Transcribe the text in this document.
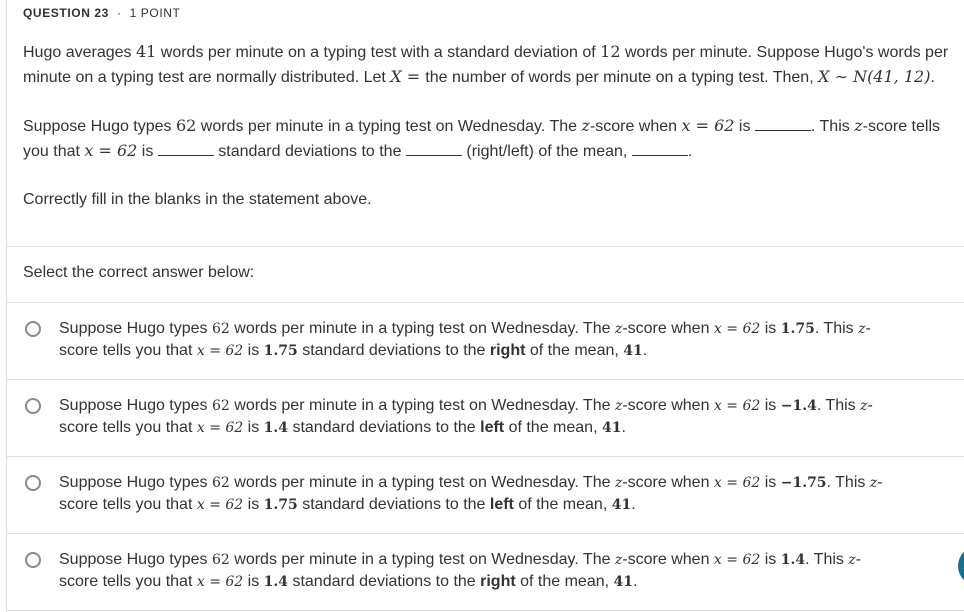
QUESTION 23 · 1 POINT

Hugo averages 41 words per minute on a typing test with a standard deviation of 12 words per minute. Suppose Hugo's words per minute on a typing test are normally distributed. Let X = the number of words per minute on a typing test. Then, X ∼ N(41, 12).

Suppose Hugo types 62 words per minute in a typing test on Wednesday. The z-score when x = 62 is	. This z-score tells you that x = 62 is	standard deviations to the	(right/left) of the mean,	.

Correctly fill in the blanks in the statement above.

Select the correct answer below:
Suppose Hugo types 62 words per minute in a typing test on Wednesday. The z-score when x = 62 is 1.75. This z-score tells you that x = 62 is 1.75 standard deviations to the right of the mean, 41.
Suppose Hugo types 62 words per minute in a typing test on Wednesday. The z-score when x = 62 is −1.4. This z-score tells you that x = 62 is 1.4 standard deviations to the left of the mean, 41.
Suppose Hugo types 62 words per minute in a typing test on Wednesday. The z-score when x = 62 is −1.75. This z-score tells you that x = 62 is 1.75 standard deviations to the left of the mean, 41.
Suppose Hugo types 62 words per minute in a typing test on Wednesday. The z-score when x = 62 is 1.4. This z-score tells you that x = 62 is 1.4 standard deviations to the right of the mean, 41.
